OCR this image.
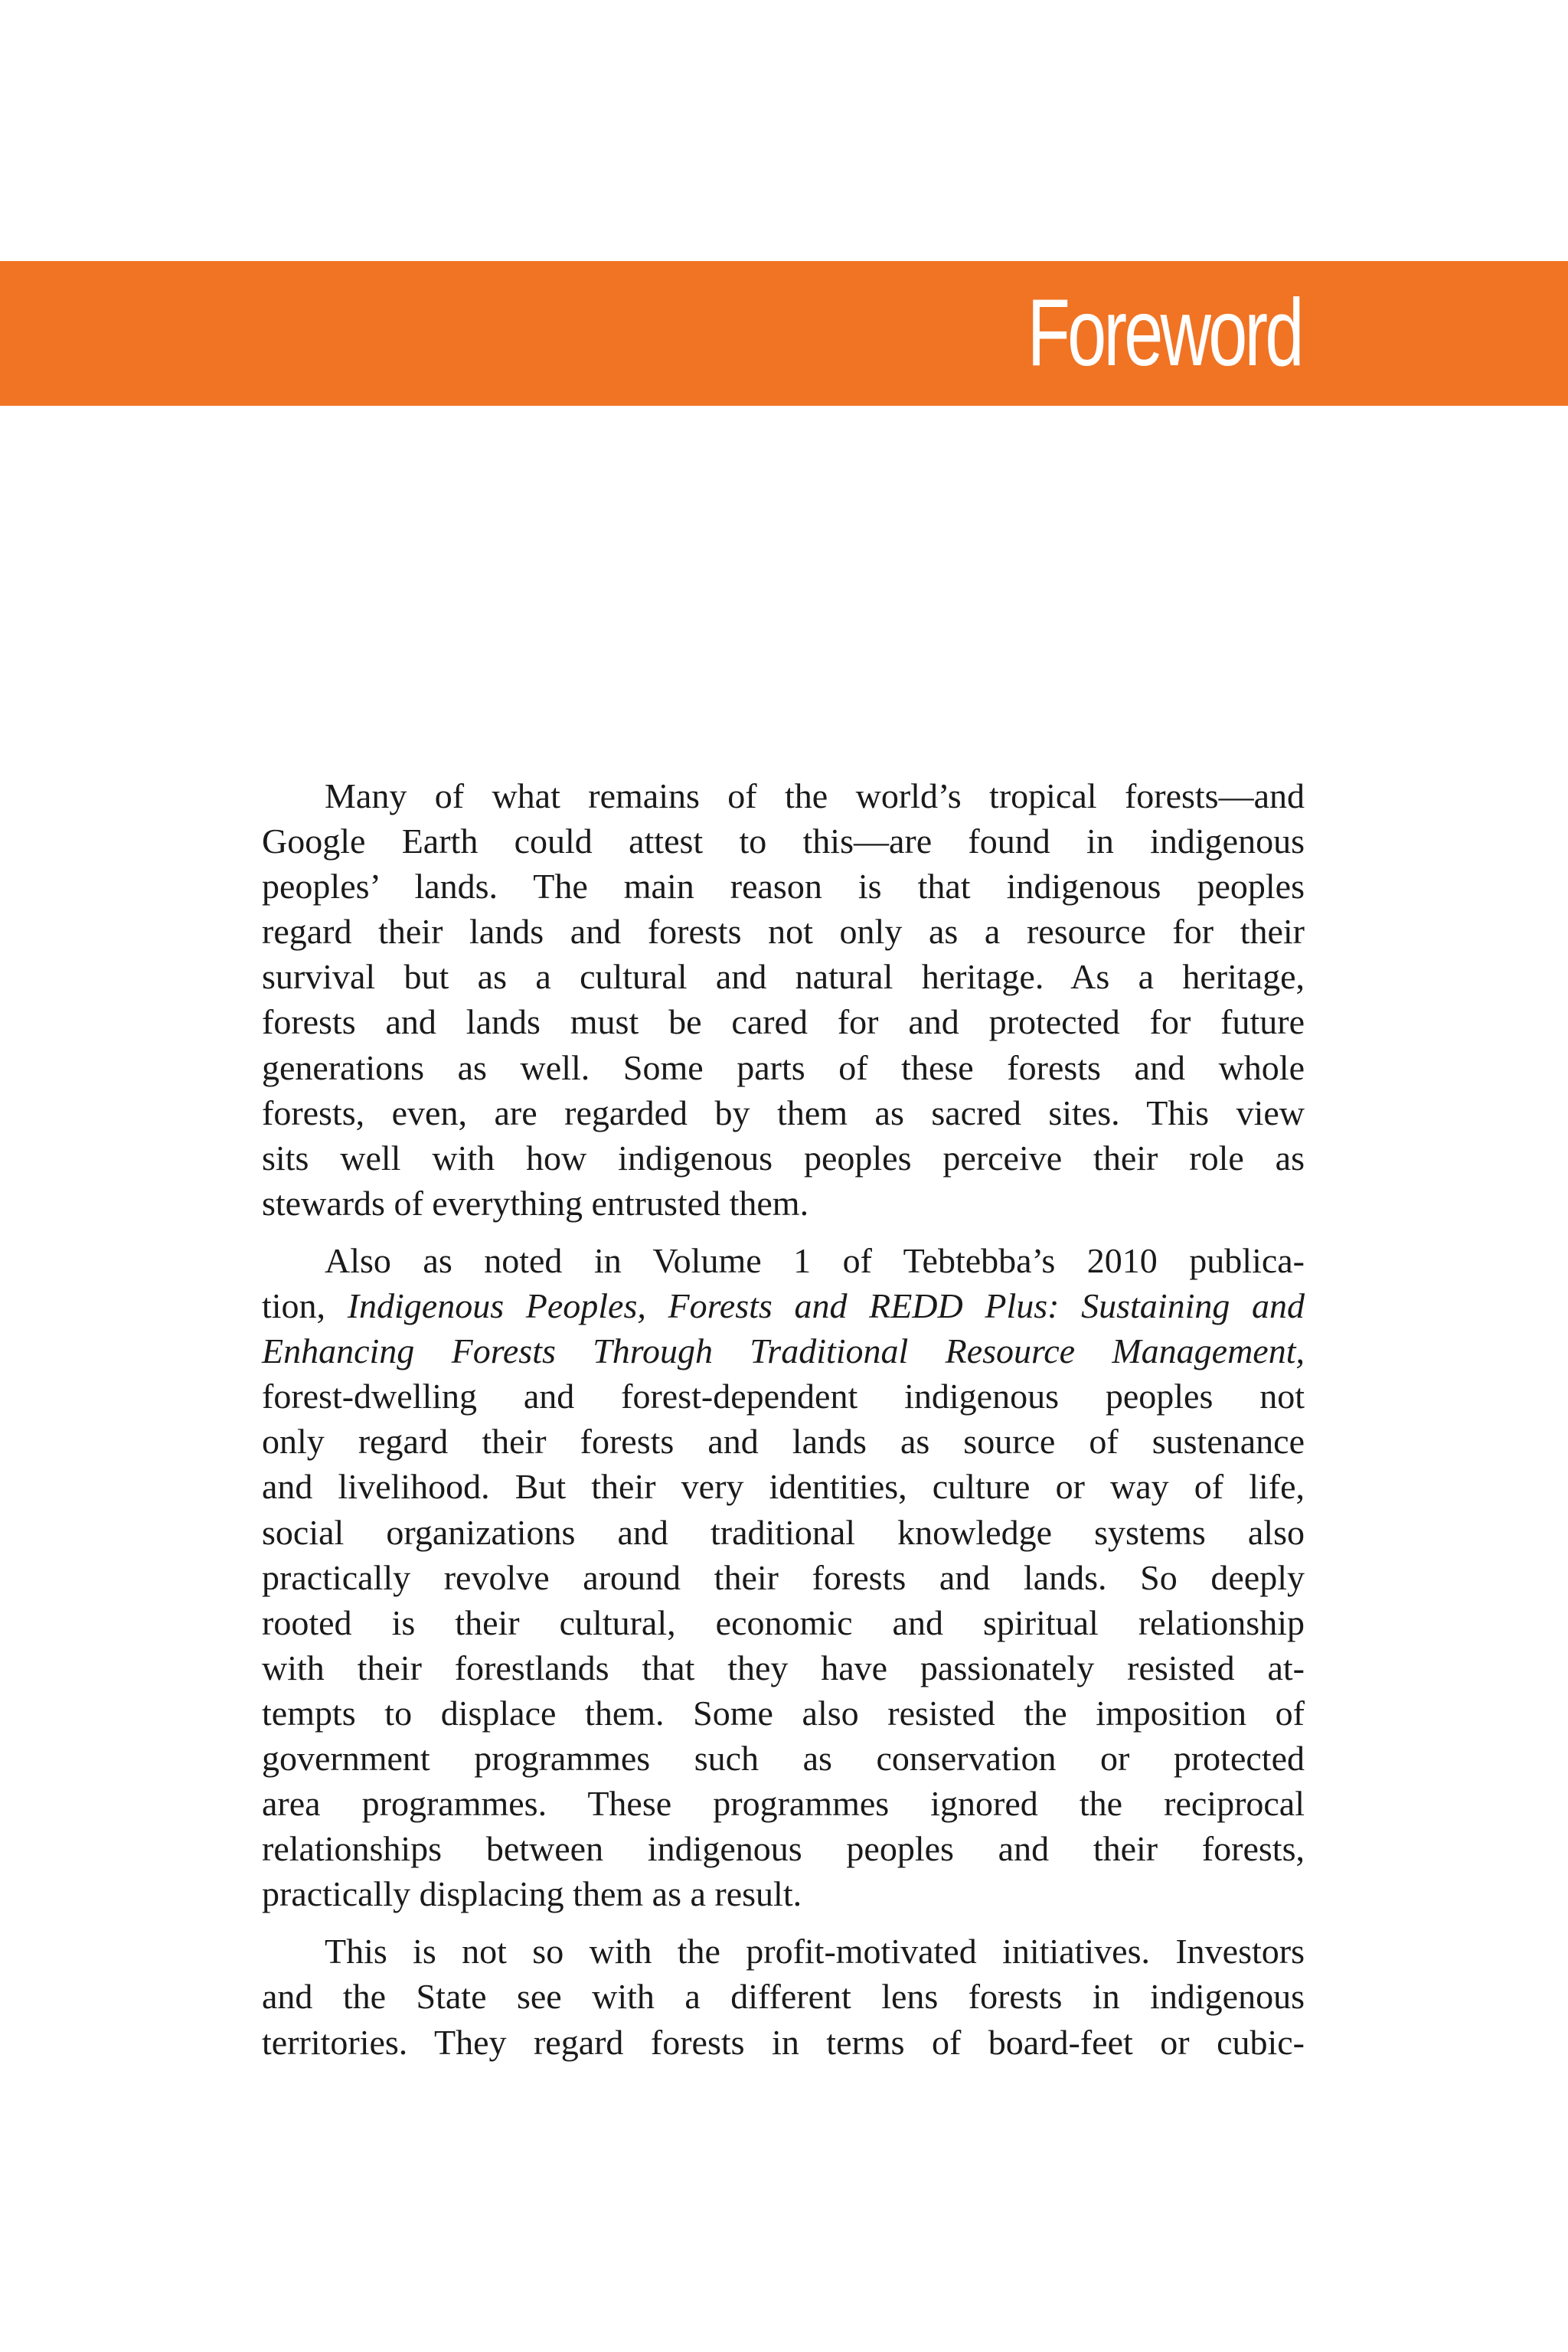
Foreword
Many of what remains of the world’s tropical forests—and
Google Earth could attest to this—are found in indigenous
peoples’ lands. The main reason is that indigenous peoples
regard their lands and forests not only as a resource for their
survival but as a cultural and natural heritage. As a heritage,
forests and lands must be cared for and protected for future
generations as well. Some parts of these forests and whole
forests, even, are regarded by them as sacred sites. This view
sits well with how indigenous peoples perceive their role as
stewards of everything entrusted them.
Also as noted in Volume 1 of Tebtebba’s 2010 publica-
tion, Indigenous Peoples, Forests and REDD Plus: Sustaining and
Enhancing Forests Through Traditional Resource Management,
forest-dwelling and forest-dependent indigenous peoples not
only regard their forests and lands as source of sustenance
and livelihood. But their very identities, culture or way of life,
social organizations and traditional knowledge systems also
practically revolve around their forests and lands. So deeply
rooted is their cultural, economic and spiritual relationship
with their forestlands that they have passionately resisted at-
tempts to displace them. Some also resisted the imposition of
government programmes such as conservation or protected
area programmes. These programmes ignored the reciprocal
relationships between indigenous peoples and their forests,
practically displacing them as a result.
This is not so with the profit-motivated initiatives. Investors
and the State see with a different lens forests in indigenous
territories. They regard forests in terms of board-feet or cubic-
